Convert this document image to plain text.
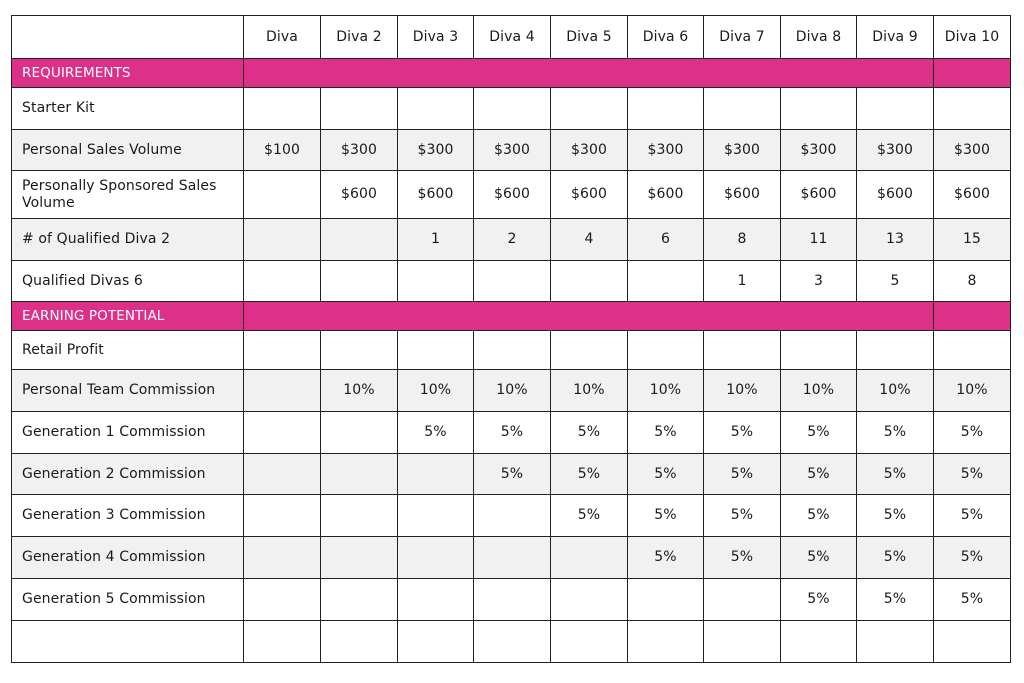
	Diva	Diva 2	Diva 3	Diva 4	Diva 5	Diva 6	Diva 7	Diva 8	Diva 9	Diva 10
REQUIREMENTS										
Starter Kit										
Personal Sales Volume	$100	$300	$300	$300	$300	$300	$300	$300	$300	$300
Personally Sponsored Sales Volume		$600	$600	$600	$600	$600	$600	$600	$600	$600
# of Qualified Diva 2			1	2	4	6	8	11	13	15
Qualified Divas 6							1	3	5	8
EARNING POTENTIAL										
Retail Profit										
Personal Team Commission		10%	10%	10%	10%	10%	10%	10%	10%	10%
Generation 1 Commission			5%	5%	5%	5%	5%	5%	5%	5%
Generation 2 Commission				5%	5%	5%	5%	5%	5%	5%
Generation 3 Commission					5%	5%	5%	5%	5%	5%
Generation 4 Commission						5%	5%	5%	5%	5%
Generation 5 Commission								5%	5%	5%
